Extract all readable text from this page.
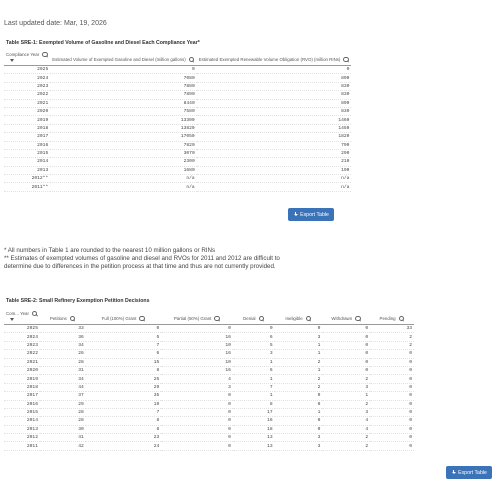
Last updated date: Mar, 19, 2026
Table SRE-1: Exempted Volume of Gasoline and Diesel Each Compliance Year*
Compliance Year	Estimated Volume of Exempted Gasoline and Diesel (million gallons)	Estimated Exempted Renewable Volume Obligation (RVO) (million RINs)
2025	0	0
2024	7080	890
2023	7880	830
2022	7890	830
2021	8440	890
2020	7580	830
2019	13300	1460
2018	13820	1450
2017	17050	1820
2016	7820	790
2015	3070	290
2014	2300	210
2013	1680	190
2012**	n/a	n/a
2011**	n/a	n/a
Export Table
* All numbers in Table 1 are rounded to the nearest 10 million gallons or RINs
** Estimates of exempted volumes of gasoline and diesel and RVOs for 2011 and 2012 are difficult to determine due to differences in the petition process at that time and thus are not currently provided.
Table SRE-2: Small Refinery Exemption Petition Decisions
Com... Year	Petitions	Full (100%) Grant	Partial (50%) Grant	Denial	Ineligible	Withdrawn	Pending
2025	33	0	0	0	0	0	33
2024	36	5	16	6	3	0	2
2023	34	7	10	5	1	0	2
2022	26	6	16	3	1	0	0
2021	28	15	10	1	2	0	0
2020	31	8	16	6	1	0	0
2019	34	25	4	1	2	2	0
2018	44	29	3	7	2	3	0
2017	37	35	0	1	0	1	0
2016	29	19	0	8	0	2	0
2015	28	7	0	17	1	3	0
2014	28	8	0	16	0	4	0
2013	30	8	0	18	0	4	0
2012	41	23	0	13	3	2	0
2011	42	24	0	13	3	2	0
Export Table
